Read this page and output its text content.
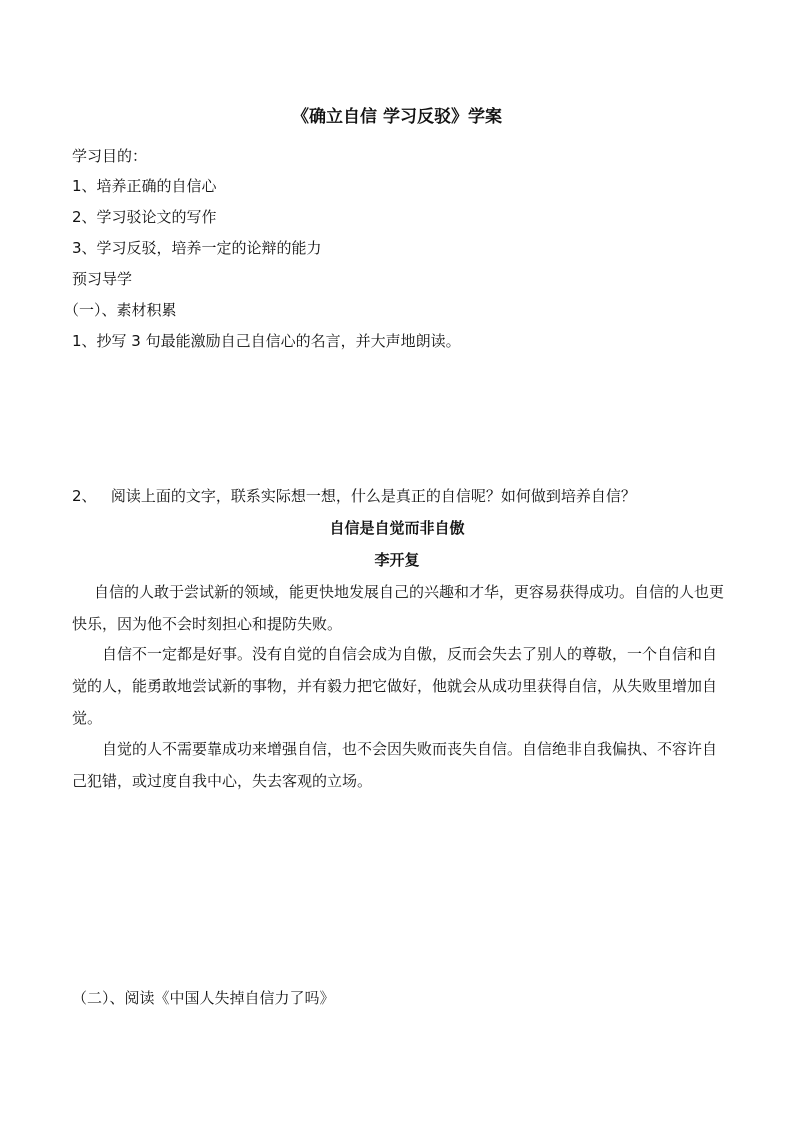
《确立自信 学习反驳》学案
学习目的：
1、培养正确的自信心
2、学习驳论文的写作
3、学习反驳，培养一定的论辩的能力
预习导学
（一）、素材积累
1、抄写 3 句最能激励自己自信心的名言，并大声地朗读。
2、   阅读上面的文字，联系实际想一想，什么是真正的自信呢？如何做到培养自信？
自信是自觉而非自傲
李开复

自信的人敢于尝试新的领域，能更快地发展自己的兴趣和才华，更容易获得成功。自信的人也更快乐，因为他不会时刻担心和提防失败。

自信不一定都是好事。没有自觉的自信会成为自傲，反而会失去了别人的尊敬，一个自信和自觉的人，能勇敢地尝试新的事物，并有毅力把它做好，他就会从成功里获得自信，从失败里增加自觉。

自觉的人不需要靠成功来增强自信，也不会因失败而丧失自信。自信绝非自我偏执、不容许自己犯错，或过度自我中心，失去客观的立场。

（二）、阅读《中国人失掉自信力了吗》
